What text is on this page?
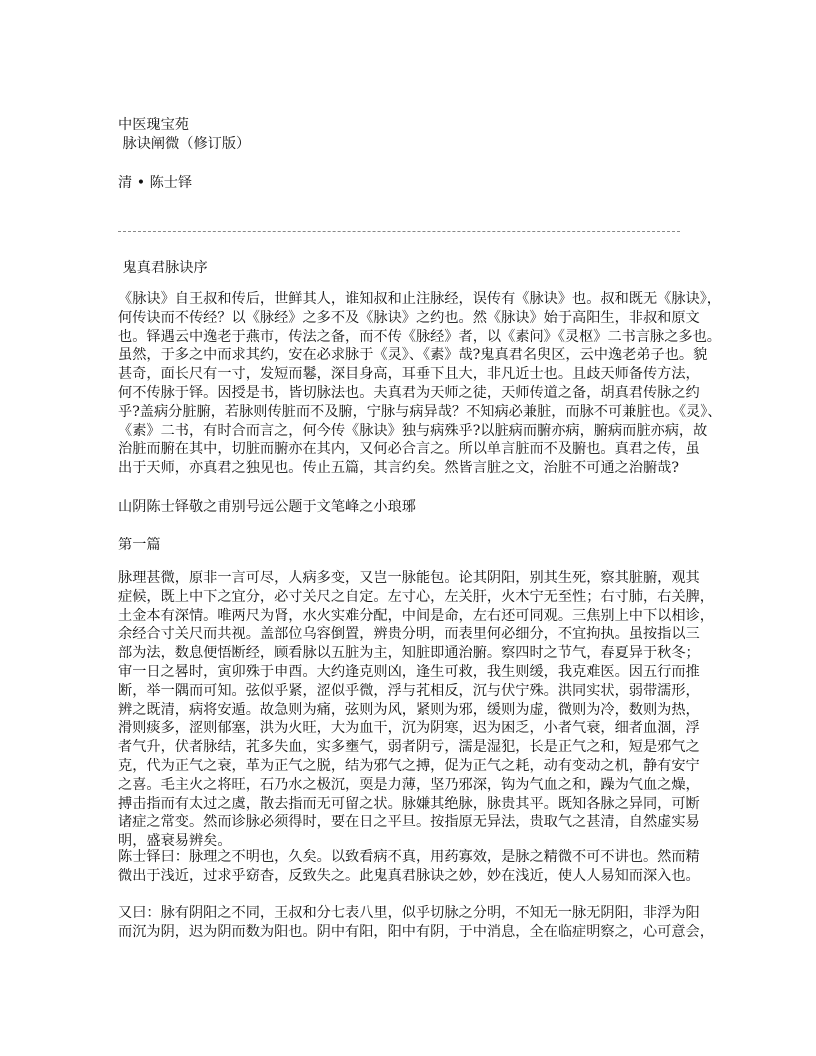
中医瑰宝苑
脉诀阐微（修订版）
清 • 陈士铎
鬼真君脉诀序
《脉诀》自王叔和传后，世鲜其人，谁知叔和止注脉经，误传有《脉诀》也。叔和既无《脉诀》，
何传诀而不传经？以《脉经》之多不及《脉诀》之约也。然《脉诀》始于高阳生，非叔和原文
也。铎遇云中逸老于燕市，传法之备，而不传《脉经》者，以《素问》《灵枢》二书言脉之多也。
虽然，于多之中而求其约，安在必求脉于《灵》、《素》哉?鬼真君名臾区，云中逸老弟子也。貌
甚奇，面长尺有一寸，发短而鬈，深目身高，耳垂下且大，非凡近士也。且歧天师备传方法，
何不传脉于铎。因授是书，皆切脉法也。夫真君为天师之徒，天师传道之备，胡真君传脉之约
乎?盖病分脏腑，若脉则传脏而不及腑，宁脉与病异哉？不知病必兼脏，而脉不可兼脏也。《灵》、
《素》二书，有时合而言之，何今传《脉诀》独与病殊乎?以脏病而腑亦病，腑病而脏亦病，故
治脏而腑在其中，切脏而腑亦在其内，又何必合言之。所以单言脏而不及腑也。真君之传，虽
出于天师，亦真君之独见也。传止五篇，其言约矣。然皆言脏之文，治脏不可通之治腑哉?
山阴陈士铎敬之甫别号远公题于文笔峰之小琅琊
第一篇
脉理甚微，原非一言可尽，人病多变，又岂一脉能包。论其阴阳，别其生死，察其脏腑，观其
症候，既上中下之宜分，必寸关尺之自定。左寸心，左关肝，火木宁无至性；右寸肺，右关脾，
土金本有深情。唯两尺为肾，水火实难分配，中间是命，左右还可同观。三焦别上中下以相诊，
余经合寸关尺而共视。盖部位乌容倒置，辨贵分明，而表里何必细分，不宜拘执。虽按指以三
部为法，数息便悟断经，顾看脉以五脏为主，知脏即通治腑。察四时之节气，春夏异于秋冬；
审一日之晷时，寅卯殊于申酉。大约逢克则凶，逢生可救，我生则缓，我克难医。因五行而推
断，举一隅而可知。弦似乎紧，涩似乎微，浮与芤相反，沉与伏宁殊。洪同实状，弱带濡形，
辨之既清，病将安遁。故急则为痛，弦则为风，紧则为邪，缓则为虚，微则为冷，数则为热，
滑则痰多，涩则郁塞，洪为火旺，大为血干，沉为阴寒，迟为困乏，小者气衰，细者血涸，浮
者气升，伏者脉结，芤多失血，实多壅气，弱者阴亏，濡是湿犯，长是正气之和，短是邪气之
克，代为正气之衰，革为正气之脱，结为邪气之搏，促为正气之耗，动有变动之机，静有安宁
之喜。毛主火之将旺，石乃水之极沉，耎是力薄，坚乃邪深，钩为气血之和，躁为气血之燥，
搏击指而有太过之虞，散去指而无可留之状。脉嫌其绝脉，脉贵其平。既知各脉之异同，可断
诸症之常变。然而诊脉必须得时，要在日之平旦。按指原无异法，贵取气之甚清，自然虚实易
明，盛衰易辨矣。
陈士铎曰：脉理之不明也，久矣。以致看病不真，用药寡效，是脉之精微不可不讲也。然而精
微出于浅近，过求乎窈杳，反致失之。此鬼真君脉诀之妙，妙在浅近，使人人易知而深入也。
又曰：脉有阴阳之不同，王叔和分七表八里，似乎切脉之分明，不知无一脉无阴阳，非浮为阳
而沉为阴，迟为阴而数为阳也。阴中有阳，阳中有阴，于中消息，全在临症明察之，心可意会，
